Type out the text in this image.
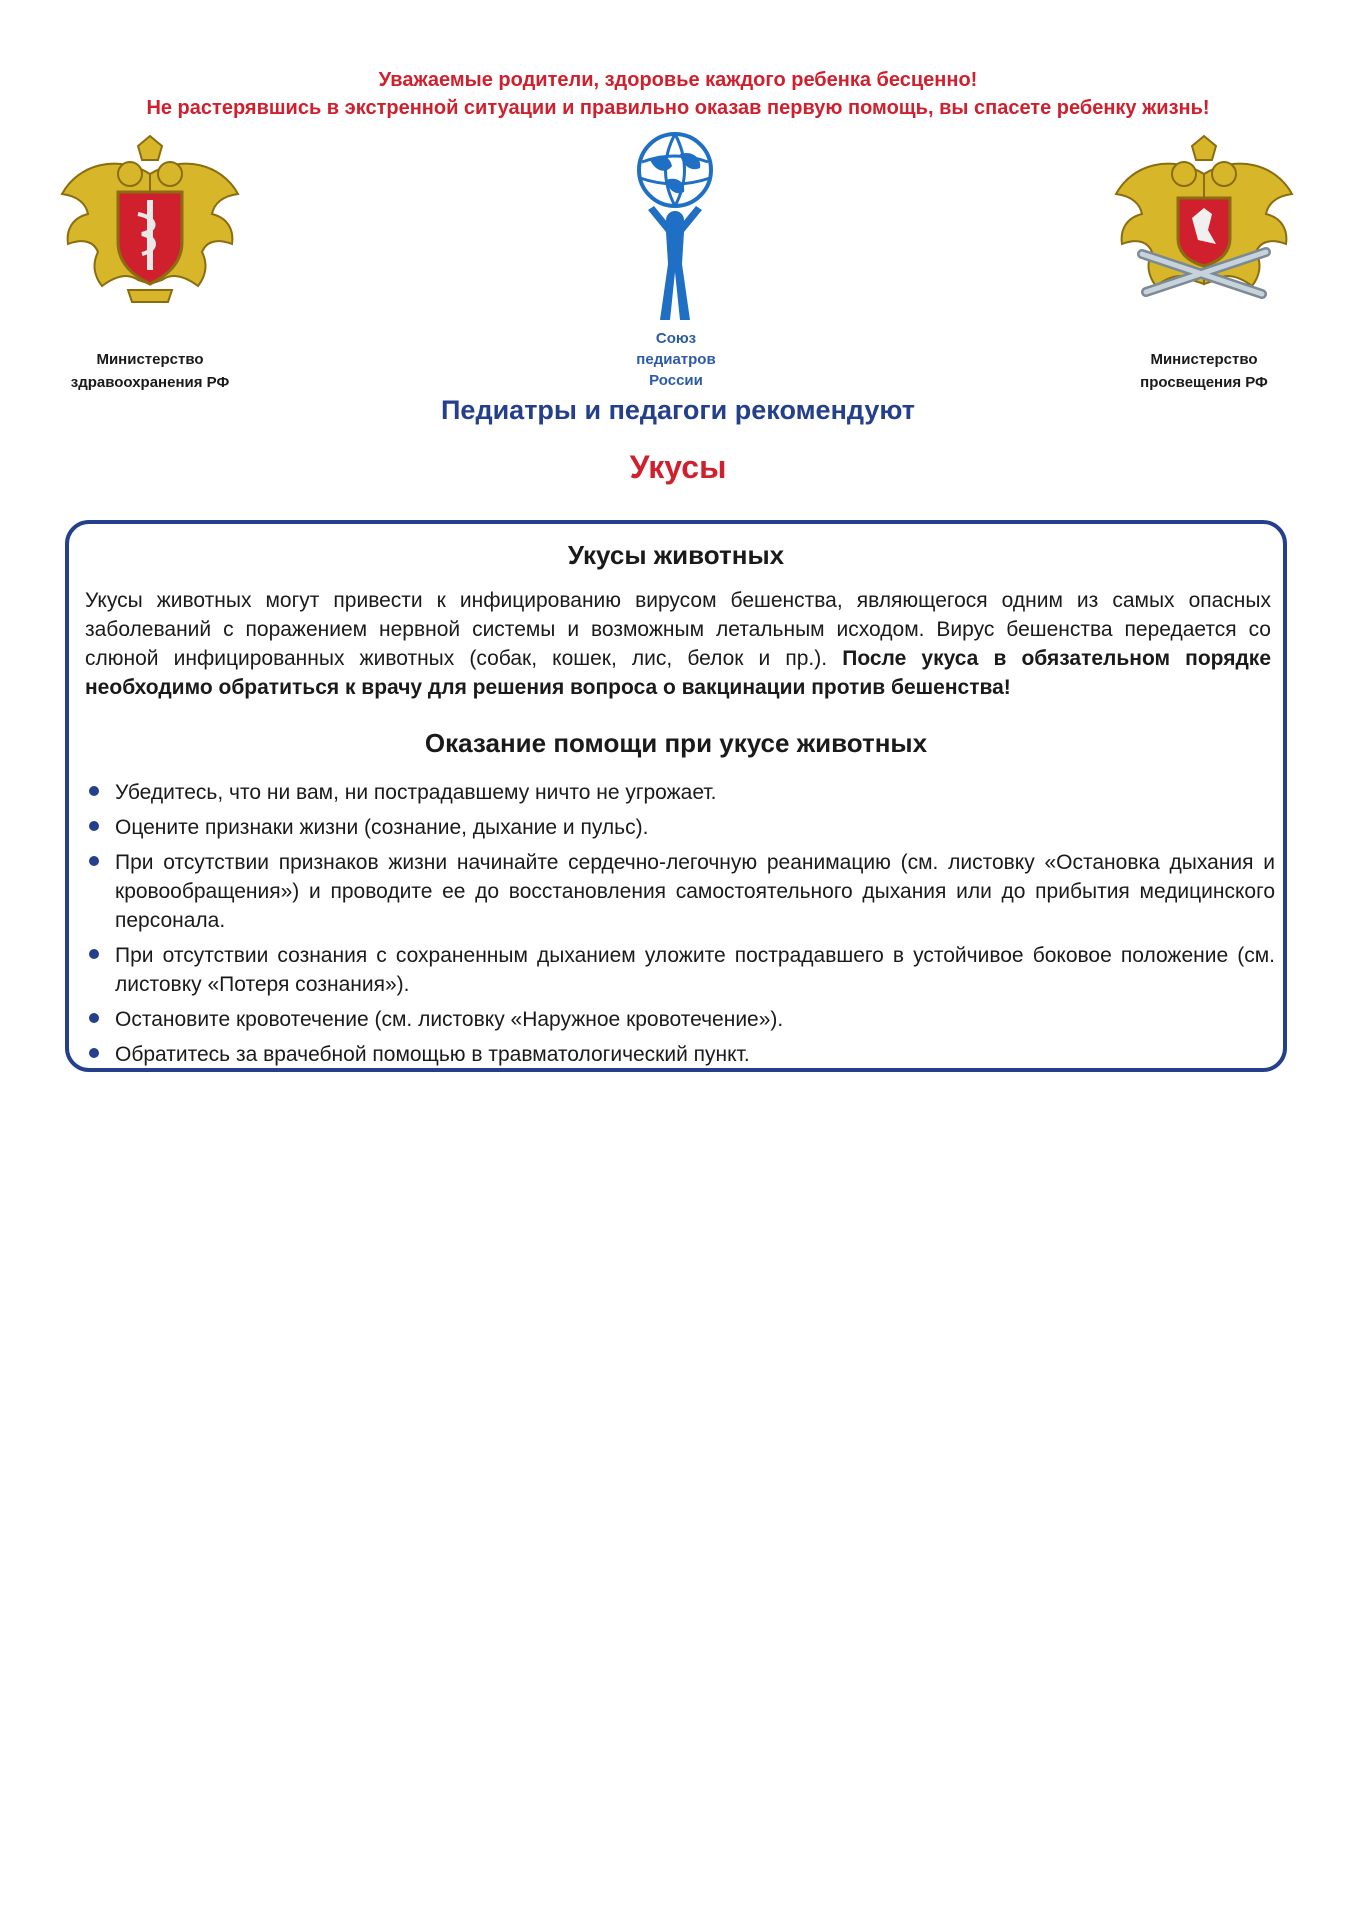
Уважаемые родители, здоровье каждого ребенка бесценно!
Не растерявшись в экстренной ситуации и правильно оказав первую помощь, вы спасете ребенку жизнь!
Министерство
здравоохранения РФ
Союз
педиатров
России
Министерство
просвещения РФ
Педиатры и педагоги рекомендуют
Укусы
Укусы животных

Укусы животных могут привести к инфицированию вирусом бешенства, являющегося одним из самых опасных заболеваний с поражением нервной системы и возможным летальным исходом. Вирус бешенства передается со слюной инфицированных животных (собак, кошек, лис, белок и пр.). После укуса в обязательном порядке необходимо обратиться к врачу для решения вопроса о вакцинации против бешенства!

Оказание помощи при укусе животных
Убедитесь, что ни вам, ни пострадавшему ничто не угрожает.
Оцените признаки жизни (сознание, дыхание и пульс).
При отсутствии признаков жизни начинайте сердечно-легочную реанимацию (см. листовку «Остановка дыхания и кровообращения») и проводите ее до восстановления самостоятельного дыхания или до прибытия медицинского персонала.
При отсутствии сознания с сохраненным дыханием уложите пострадавшего в устойчивое боковое положение (см. листовку «Потеря сознания»).
Остановите кровотечение (см. листовку «Наружное кровотечение»).
Обратитесь за врачебной помощью в травматологический пункт.
